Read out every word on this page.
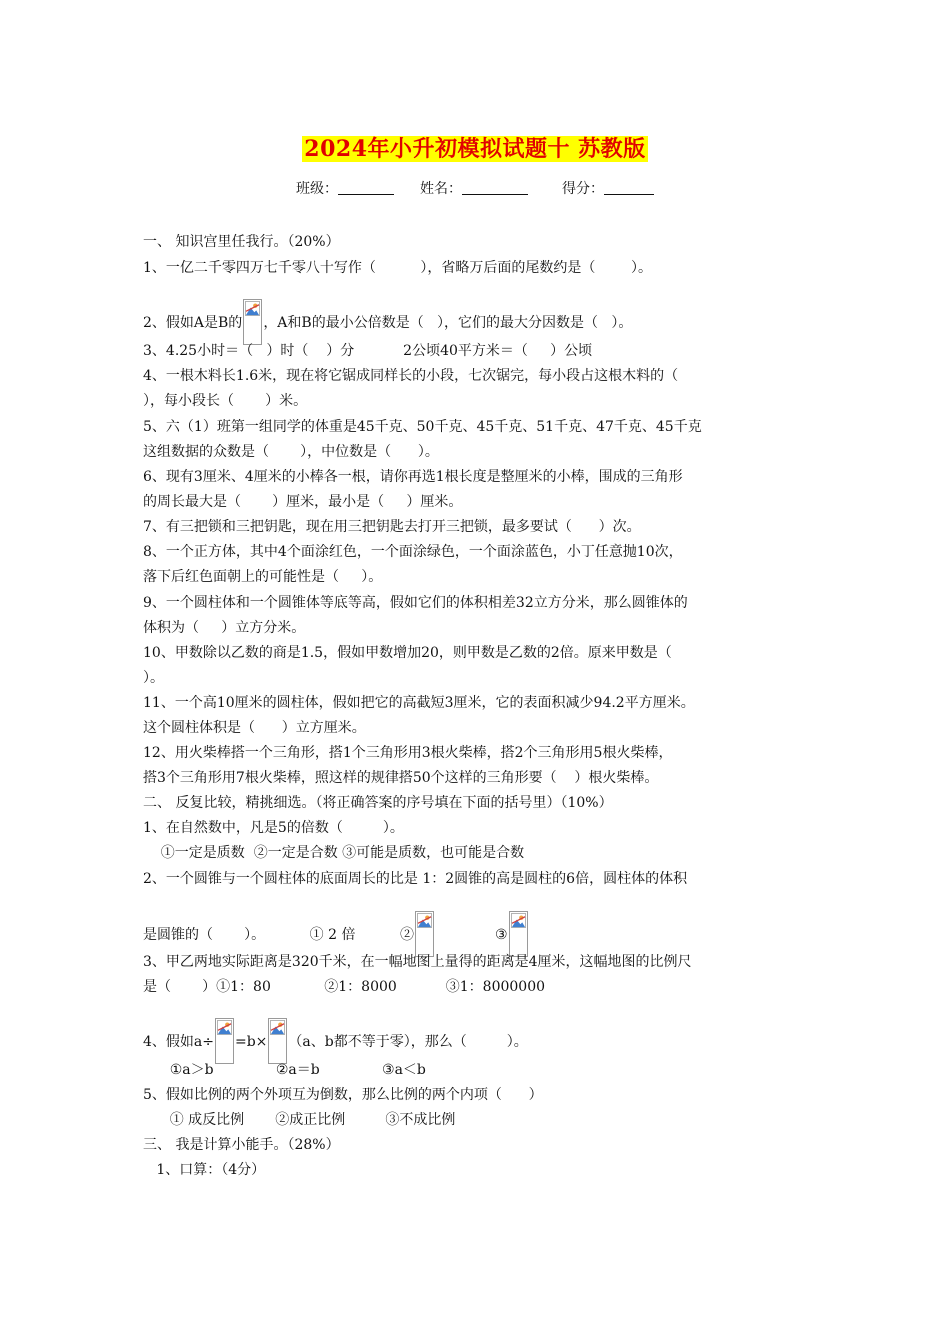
2024年小升初模拟试题十 苏教版
班级：	姓名：	得分：
一、 知识宫里任我行。（20%）
1、一亿二千零四万七千零八十写作（          ），省略万后面的尾数约是（        ）。
2、假如A是B的 ，A和B的最小公倍数是（   ），它们的最大分因数是（   ）。
3、4.25小时＝（   ）时（    ）分           2公顷40平方米＝（     ）公顷
4、一根木料长1.6米，现在将它锯成同样长的小段，七次锯完，每小段占这根木料的（
），每小段长（       ）米。
5、六（1）班第一组同学的体重是45千克、50千克、45千克、51千克、47千克、45千克
这组数据的众数是（       ），中位数是（      ）。
6、现有3厘米、4厘米的小棒各一根，请你再选1根长度是整厘米的小棒，围成的三角形
的周长最大是（       ）厘米，最小是（     ）厘米。
7、有三把锁和三把钥匙，现在用三把钥匙去打开三把锁，最多要试（      ）次。
8、一个正方体，其中4个面涂红色，一个面涂绿色，一个面涂蓝色，小丁任意抛10次，
落下后红色面朝上的可能性是（     ）。
9、一个圆柱体和一个圆锥体等底等高，假如它们的体积相差32立方分米，那么圆锥体的
体积为（     ）立方分米。
10、甲数除以乙数的商是1.5，假如甲数增加20，则甲数是乙数的2倍。原来甲数是（
）。
11、一个高10厘米的圆柱体，假如把它的高截短3厘米，它的表面积减少94.2平方厘米。
这个圆柱体积是（      ）立方厘米。
12、用火柴棒搭一个三角形，搭1个三角形用3根火柴棒，搭2个三角形用5根火柴棒，
搭3个三角形用7根火柴棒，照这样的规律搭50个这样的三角形要（    ）根火柴棒。
二、 反复比较，精挑细选。（将正确答案的序号填在下面的括号里）（10%）
1、在自然数中，凡是5的倍数（         ）。
①一定是质数  ②一定是合数 ③可能是质数，也可能是合数
2、一个圆锥与一个圆柱体的底面周长的比是 1：2圆锥的高是圆柱的6倍，圆柱体的体积
是圆锥的（       ）。          ① 2 倍          ②	③
3、甲乙两地实际距离是320千米，在一幅地图上量得的距离是4厘米，这幅地图的比例尺
是（       ）①1：80            ②1：8000           ③1：8000000
4、假如a÷ =b× （a、b都不等于零），那么（         ）。
①a＞b              ②a＝b              ③a＜b
5、假如比例的两个外项互为倒数，那么比例的两个内项（      ）
① 成反比例       ②成正比例         ③不成比例
三、 我是计算小能手。（28%）
1、口算：（4分）
